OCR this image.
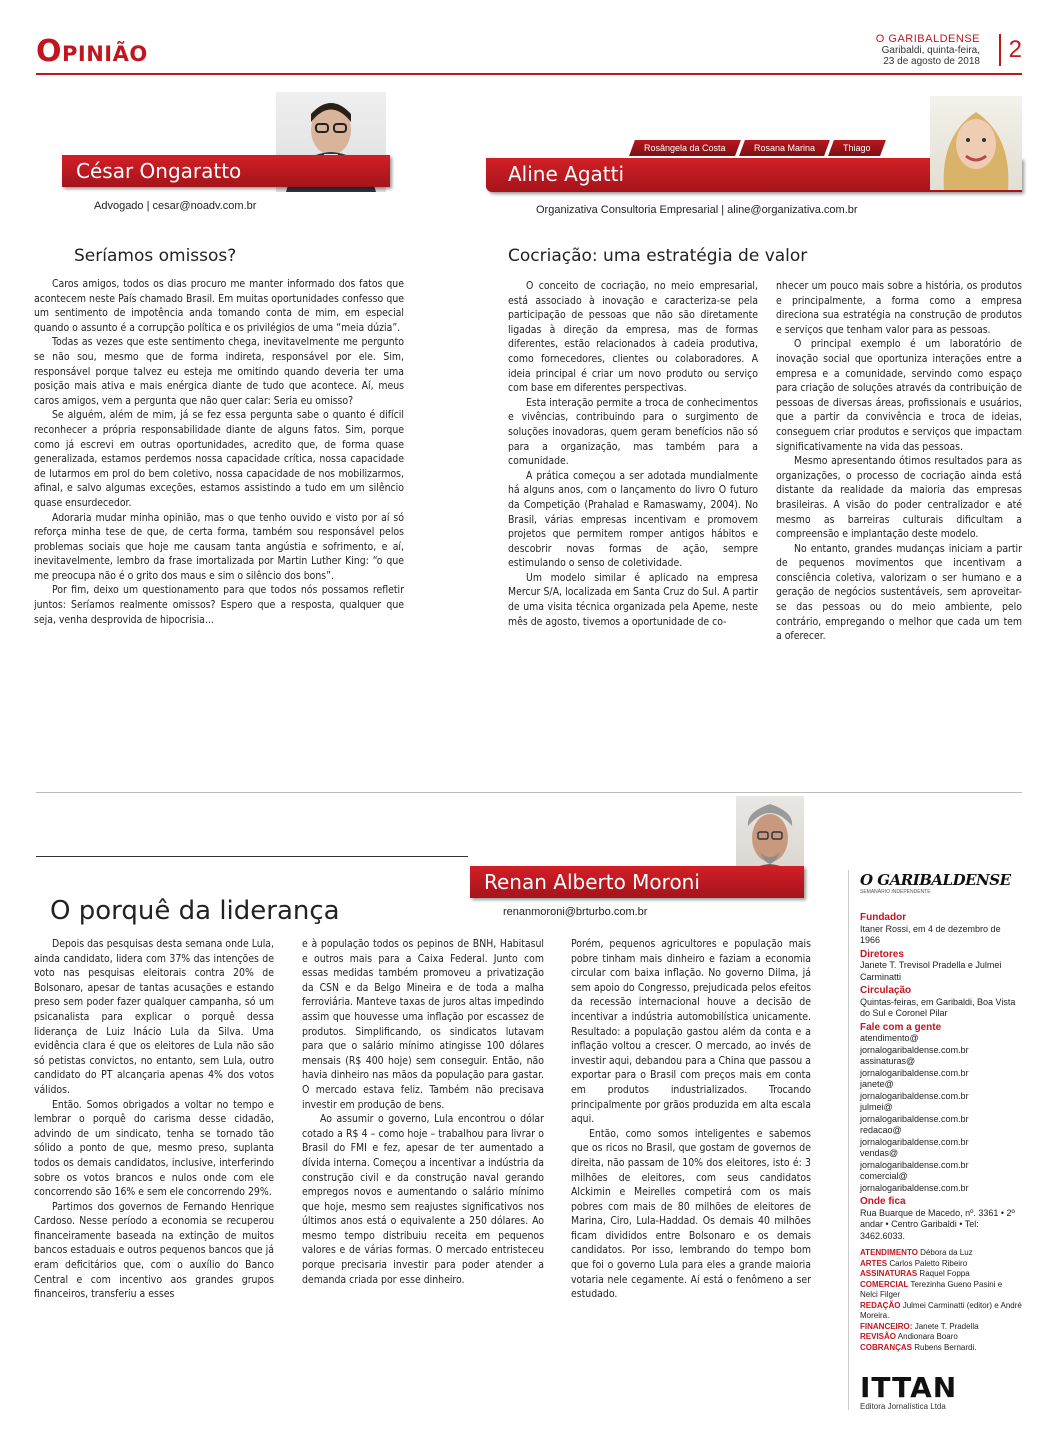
Opinião	O GARIBALDENSE
Garibaldi, quinta-feira,
23 de agosto de 2018	2
César Ongaratto
Advogado | cesar@noadv.com.br
Seríamos omissos?

Caros amigos, todos os dias procuro me manter informado dos fatos que acontecem neste País chamado Brasil. Em muitas oportunidades confesso que um sentimento de impotência anda tomando conta de mim, em especial quando o assunto é a corrupção política e os privilégios de uma “meia dúzia”.

Todas as vezes que este sentimento chega, inevitavelmente me pergunto se não sou, mesmo que de forma indireta, responsável por ele. Sim, responsável porque talvez eu esteja me omitindo quando deveria ter uma posição mais ativa e mais enérgica diante de tudo que acontece. Aí, meus caros amigos, vem a pergunta que não quer calar: Seria eu omisso?

Se alguém, além de mim, já se fez essa pergunta sabe o quanto é difícil reconhecer a própria responsabilidade diante de alguns fatos. Sim, porque como já escrevi em outras oportunidades, acredito que, de forma quase generalizada, estamos perdemos nossa capacidade crítica, nossa capacidade de lutarmos em prol do bem coletivo, nossa capacidade de nos mobilizarmos, afinal, e salvo algumas exceções, estamos assistindo a tudo em um silêncio quase ensurdecedor.

Adoraria mudar minha opinião, mas o que tenho ouvido e visto por aí só reforça minha tese de que, de certa forma, também sou responsável pelos problemas sociais que hoje me causam tanta angústia e sofrimento, e aí, inevitavelmente, lembro da frase imortalizada por Martin Luther King: “o que me preocupa não é o grito dos maus e sim o silêncio dos bons”.

Por fim, deixo um questionamento para que todos nós possamos refletir juntos: Seríamos realmente omissos? Espero que a resposta, qualquer que seja, venha desprovida de hipocrisia...

Rosângela da Costa	Rosana Marina	Thiago
Aline Agatti
Organizativa Consultoria Empresarial | aline@organizativa.com.br
Cocriação: uma estratégia de valor

O conceito de cocriação, no meio empresarial, está associado à inovação e caracteriza-se pela participação de pessoas que não são diretamente ligadas à direção da empresa, mas de formas diferentes, estão relacionados à cadeia produtiva, como fornecedores, clientes ou colaboradores. A ideia principal é criar um novo produto ou serviço com base em diferentes perspectivas.

Esta interação permite a troca de conhecimentos e vivências, contribuindo para o surgimento de soluções inovadoras, quem geram benefícios não só para a organização, mas também para a comunidade.

A prática começou a ser adotada mundialmente há alguns anos, com o lançamento do livro O futuro da Competição (Prahalad e Ramaswamy, 2004). No Brasil, várias empresas incentivam e promovem projetos que permitem romper antigos hábitos e descobrir novas formas de ação, sempre estimulando o senso de coletividade.

Um modelo similar é aplicado na empresa Mercur S/A, localizada em Santa Cruz do Sul. A partir de uma visita técnica organizada pela Apeme, neste mês de agosto, tivemos a oportunidade de co-

nhecer um pouco mais sobre a história, os produtos e principalmente, a forma como a empresa direciona sua estratégia na construção de produtos e serviços que tenham valor para as pessoas.

O principal exemplo é um laboratório de inovação social que oportuniza interações entre a empresa e a comunidade, servindo como espaço para criação de soluções através da contribuição de pessoas de diversas áreas, profissionais e usuários, que a partir da convivência e troca de ideias, conseguem criar produtos e serviços que impactam significativamente na vida das pessoas.

Mesmo apresentando ótimos resultados para as organizações, o processo de cocriação ainda está distante da realidade da maioria das empresas brasileiras. A visão do poder centralizador e até mesmo as barreiras culturais dificultam a compreensão e implantação deste modelo.

No entanto, grandes mudanças iniciam a partir de pequenos movimentos que incentivam a consciência coletiva, valorizam o ser humano e a geração de negócios sustentáveis, sem aproveitar-se das pessoas ou do meio ambiente, pelo contrário, empregando o melhor que cada um tem a oferecer.

Renan Alberto Moroni
renanmoroni@brturbo.com.br
O porquê da liderança

Depois das pesquisas desta semana onde Lula, ainda candidato, lidera com 37% das intenções de voto nas pesquisas eleitorais contra 20% de Bolsonaro, apesar de tantas acusações e estando preso sem poder fazer qualquer campanha, só um psicanalista para explicar o porquê dessa liderança de Luiz Inácio Lula da Silva. Uma evidência clara é que os eleitores de Lula não são só petistas convictos, no entanto, sem Lula, outro candidato do PT alcançaria apenas 4% dos votos válidos.

Então. Somos obrigados a voltar no tempo e lembrar o porquê do carisma desse cidadão, advindo de um sindicato, tenha se tornado tão sólido a ponto de que, mesmo preso, suplanta todos os demais candidatos, inclusive, interferindo sobre os votos brancos e nulos onde com ele concorrendo são 16% e sem ele concorrendo 29%.

Partimos dos governos de Fernando Henrique Cardoso. Nesse período a economia se recuperou financeiramente baseada na extinção de muitos bancos estaduais e outros pequenos bancos que já eram deficitários que, com o auxílio do Banco Central e com incentivo aos grandes grupos financeiros, transferiu a esses

e à população todos os pepinos de BNH, Habitasul e outros mais para a Caixa Federal. Junto com essas medidas também promoveu a privatização da CSN e da Belgo Mineira e de toda a malha ferroviária. Manteve taxas de juros altas impedindo assim que houvesse uma inflação por escassez de produtos. Simplificando, os sindicatos lutavam para que o salário mínimo atingisse 100 dólares mensais (R$ 400 hoje) sem conseguir. Então, não havia dinheiro nas mãos da população para gastar. O mercado estava feliz. Também não precisava investir em produção de bens.

Ao assumir o governo, Lula encontrou o dólar cotado a R$ 4 – como hoje – trabalhou para livrar o Brasil do FMI e fez, apesar de ter aumentado a dívida interna. Começou a incentivar a indústria da construção civil e da construção naval gerando empregos novos e aumentando o salário mínimo que hoje, mesmo sem reajustes significativos nos últimos anos está o equivalente a 250 dólares. Ao mesmo tempo distribuiu receita em pequenos valores e de várias formas. O mercado entristeceu porque precisaria investir para poder atender a demanda criada por esse dinheiro.

Porém, pequenos agricultores e população mais pobre tinham mais dinheiro e faziam a economia circular com baixa inflação. No governo Dilma, já sem apoio do Congresso, prejudicada pelos efeitos da recessão internacional houve a decisão de incentivar a indústria automobilística unicamente. Resultado: a população gastou além da conta e a inflação voltou a crescer. O mercado, ao invés de investir aqui, debandou para a China que passou a exportar para o Brasil com preços mais em conta em produtos industrializados. Trocando principalmente por grãos produzida em alta escala aqui.

Então, como somos inteligentes e sabemos que os ricos no Brasil, que gostam de governos de direita, não passam de 10% dos eleitores, isto é: 3 milhões de eleitores, com seus candidatos Alckimin e Meirelles competirá com os mais pobres com mais de 80 milhões de eleitores de Marina, Ciro, Lula-Haddad. Os demais 40 milhões ficam divididos entre Bolsonaro e os demais candidatos. Por isso, lembrando do tempo bom que foi o governo Lula para eles a grande maioria votaria nele cegamente. Aí está o fenômeno a ser estudado.

O GARIBALDENSE
SEMANÁRIO INDEPENDENTE
Fundador
Itaner Rossi, em 4 de dezembro de 1966
Diretores
Janete T. Trevisol Pradella e Julmei Carminatti
Circulação
Quintas-feiras, em Garibaldi, Boa Vista do Sul e Coronel Pilar
Fale com a gente
atendimento@
jornalogaribaldense.com.br
assinaturas@
jornalogaribaldense.com.br
janete@
jornalogaribaldense.com.br
julmei@
jornalogaribaldense.com.br
redacao@
jornalogaribaldense.com.br
vendas@
jornalogaribaldense.com.br
comercial@
jornalogaribaldense.com.br
Onde fica
Rua Buarque de Macedo, nº. 3361 • 2º andar • Centro Garibaldi • Tel: 3462.6033.
ATENDIMENTO Débora da Luz
ARTES Carlos Paletto Ribeiro
ASSINATURAS Raquel Foppa
COMERCIAL Terezinha Gueno Pasini e Nelci Filger
REDAÇÃO Julmei Carminatti (editor) e André Moreira.
FINANCEIRO: Janete T. Pradella
REVISÃO Andionara Boaro
COBRANÇAS Rubens Bernardi.
ITTAN
Editora Jornalística Ltda
